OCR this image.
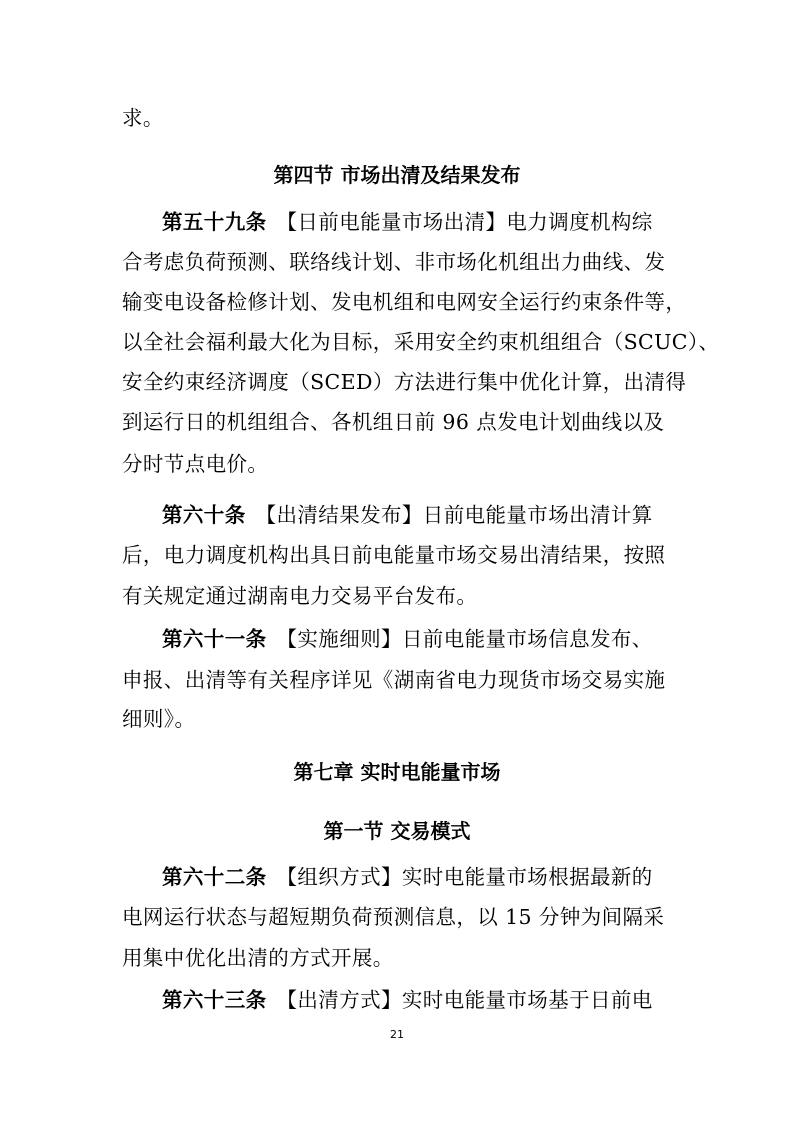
求。
第四节 市场出清及结果发布
第五十九条 【日前电能量市场出清】电力调度机构综
合考虑负荷预测、联络线计划、非市场化机组出力曲线、发
输变电设备检修计划、发电机组和电网安全运行约束条件等，
以全社会福利最大化为目标，采用安全约束机组组合（SCUC）、
安全约束经济调度（SCED）方法进行集中优化计算，出清得
到运行日的机组组合、各机组日前 96 点发电计划曲线以及
分时节点电价。
第六十条 【出清结果发布】日前电能量市场出清计算
后，电力调度机构出具日前电能量市场交易出清结果，按照
有关规定通过湖南电力交易平台发布。
第六十一条 【实施细则】日前电能量市场信息发布、
申报、出清等有关程序详见《湖南省电力现货市场交易实施
细则》。
第七章 实时电能量市场
第一节 交易模式
第六十二条 【组织方式】实时电能量市场根据最新的
电网运行状态与超短期负荷预测信息，以 15 分钟为间隔采
用集中优化出清的方式开展。
第六十三条 【出清方式】实时电能量市场基于日前电
21
